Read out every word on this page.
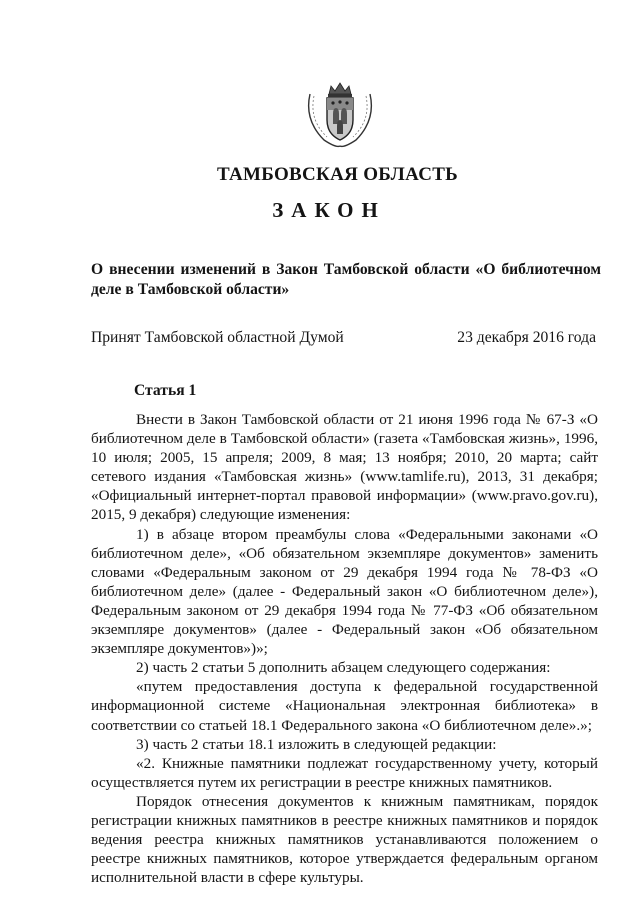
ТАМБОВСКАЯ ОБЛАСТЬ
ЗАКОН

О внесении изменений в Закон Тамбовской области «О библиотечном деле в Тамбовской области»

Принят Тамбовской областной Думой	23 декабря 2016 года
Статья 1

Внести в Закон Тамбовской области от 21 июня 1996 года № 67-З «О библиотечном деле в Тамбовской области» (газета «Тамбовская жизнь», 1996, 10 июля; 2005, 15 апреля; 2009, 8 мая; 13 ноября; 2010, 20 марта; сайт сетевого издания «Тамбовская жизнь» (www.tamlife.ru), 2013, 31 декабря; «Официальный интернет-портал правовой информации» (www.pravo.gov.ru), 2015, 9 декабря) следующие изменения:

1) в абзаце втором преамбулы слова «Федеральными законами «О библиотечном деле», «Об обязательном экземпляре документов» заменить словами «Федеральным законом от 29 декабря 1994 года № 78-ФЗ «О библиотечном деле» (далее - Федеральный закон «О библиотечном деле»), Федеральным законом от 29 декабря 1994 года № 77-ФЗ «Об обязательном экземпляре документов» (далее - Федеральный закон «Об обязательном экземпляре документов»)»;

2) часть 2 статьи 5 дополнить абзацем следующего содержания:

«путем предоставления доступа к федеральной государственной информационной системе «Национальная электронная библиотека» в соответствии со статьей 18.1 Федерального закона «О библиотечном деле».»;

3) часть 2 статьи 18.1 изложить в следующей редакции:

«2. Книжные памятники подлежат государственному учету, который осуществляется путем их регистрации в реестре книжных памятников.

Порядок отнесения документов к книжным памятникам, порядок регистрации книжных памятников в реестре книжных памятников и порядок ведения реестра книжных памятников устанавливаются положением о реестре книжных памятников, которое утверждается федеральным органом исполнительной власти в сфере культуры.
